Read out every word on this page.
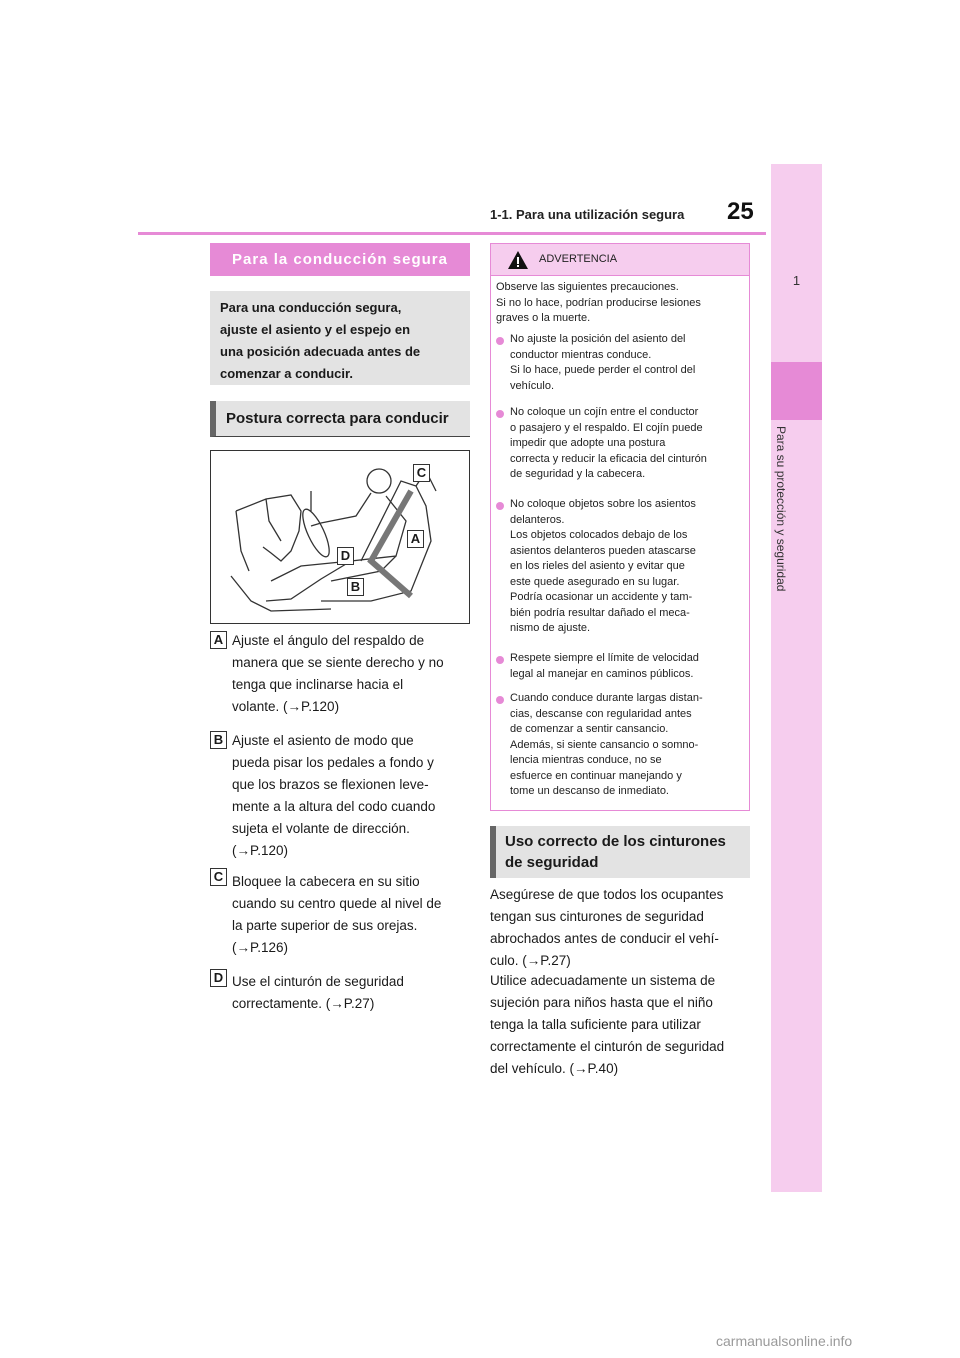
1-1. Para una utilización segura 25
1
Para su protección y seguridad
Para la conducción segura
Para una conducción segura,
ajuste el asiento y el espejo en
una posición adecuada antes de
comenzar a conducir.
Postura correcta para conducir
C
A
D
B
A Ajuste el ángulo del respaldo de
manera que se siente derecho y no
tenga que inclinarse hacia el
volante. (→P.120)
B Ajuste el asiento de modo que
pueda pisar los pedales a fondo y
que los brazos se flexionen leve-
mente a la altura del codo cuando
sujeta el volante de dirección.
(→P.120)
C Bloquee la cabecera en su sitio
cuando su centro quede al nivel de
la parte superior de sus orejas.
(→P.126)
D Use el cinturón de seguridad
correctamente. (→P.27)
ADVERTENCIA
Observe las siguientes precauciones.
Si no lo hace, podrían producirse lesiones
graves o la muerte.
No ajuste la posición del asiento del
conductor mientras conduce.
Si lo hace, puede perder el control del
vehículo.
No coloque un cojín entre el conductor
o pasajero y el respaldo. El cojín puede
impedir que adopte una postura
correcta y reducir la eficacia del cinturón
de seguridad y la cabecera.
No coloque objetos sobre los asientos
delanteros.
Los objetos colocados debajo de los
asientos delanteros pueden atascarse
en los rieles del asiento y evitar que
este quede asegurado en su lugar.
Podría ocasionar un accidente y tam-
bién podría resultar dañado el meca-
nismo de ajuste.
Respete siempre el límite de velocidad
legal al manejar en caminos públicos.
Cuando conduce durante largas distan-
cias, descanse con regularidad antes
de comenzar a sentir cansancio.
Además, si siente cansancio o somno-
lencia mientras conduce, no se
esfuerce en continuar manejando y
tome un descanso de inmediato.
Uso correcto de los cinturones
de seguridad
Asegúrese de que todos los ocupantes
tengan sus cinturones de seguridad
abrochados antes de conducir el vehí-
culo. (→P.27)
Utilice adecuadamente un sistema de
sujeción para niños hasta que el niño
tenga la talla suficiente para utilizar
correctamente el cinturón de seguridad
del vehículo. (→P.40)
carmanualsonline.info
